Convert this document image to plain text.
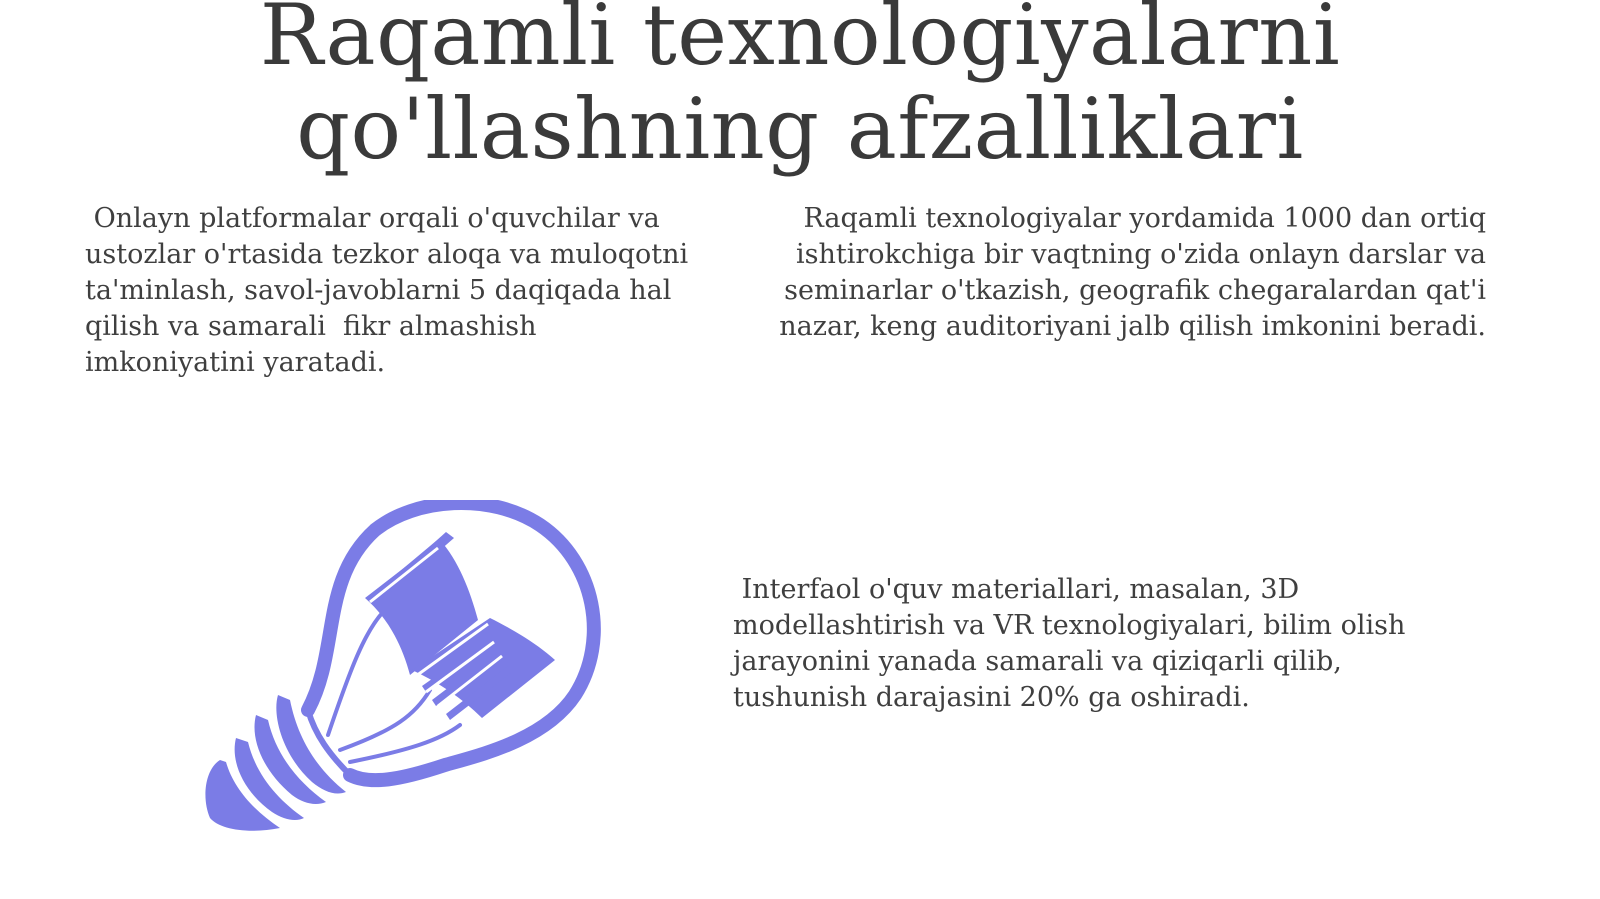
Raqamli texnologiyalarni qo'llashning afzalliklari

Onlayn platformalar orqali o'quvchilar va ustozlar o'rtasida tezkor aloqa va muloqotni ta'minlash, savol-javoblarni 5 daqiqada hal qilish va samarali  fikr almashish imkoniyatini yaratadi.

Raqamli texnologiyalar yordamida 1000 dan ortiq ishtirokchiga bir vaqtning o'zida onlayn darslar va seminarlar o'tkazish, geografik chegaralardan qat'i nazar, keng auditoriyani jalb qilish imkonini beradi.

Interfaol o'quv materiallari, masalan, 3D modellashtirish va VR texnologiyalari, bilim olish jarayonini yanada samarali va qiziqarli qilib, tushunish darajasini 20% ga oshiradi.
